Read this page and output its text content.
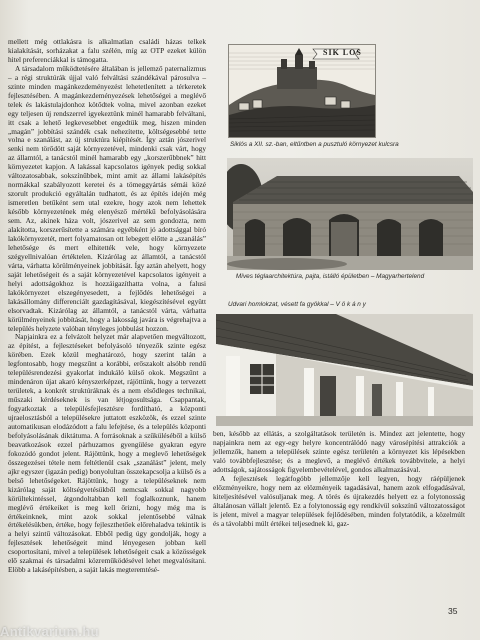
mellett még ottlakásra is alkalmatlan családi házas telkek kialakítását, sorházakat a falu szélén, míg az OTP ezeket külön hitel preferenciákkal is támogatta.

A társadalom működtetésére általában is jellemző paternalizmus – a régi struktúrák újjal való felváltási szándékával párosulva – szinte minden magánkezdeményezést lehetetlenített a térkeretek fejlesztésében. A magánkezdeményezések lehetőségei a meglévő telek és lakástulajdonhoz kötődtek volna, mivel azonban ezeket egy teljesen új rendszerrel igyekeztünk minél hamarabb felváltani, itt csak a lehető legkevesebbet engedtük meg, hiszen minden „magán” jobbítási szándék csak nehezítette, költségesebbé tette volna e szanálást, az új struktúra kiépítését. Így aztán jószerivel senki nem törődött saját környezetével, mindenki csak várt, hogy az államtól, a tanácstól minél hamarabb egy „korszerűbbnek” hitt környezetet kapjon. A lakással kapcsolatos igények pedig sokkal változatosabbak, sokszínűbbek, mint amit az állami lakásépítés normákkal szabályozott keretei és a tömeggyártás sémái közé szorult produkció egyáltalán tudhatott, és az építés idején még ismeretlen betűként sem utal ezekre, hogy azok nem lehettek később környezetének még elenyésző mértékű befolyásolására sem. Az, akinek háza volt, jószerivel az sem gondozta, nem alakította, korszerűsítette a számára egyébként jó adottsággal bíró lakókörnyezetét, mert folyamatosan ott lebegett előtte a „szanálás” lehetősége és mert elhitették vele, hogy környezete szégyellnivalóan értéktelen. Kizárólag az államtól, a tanácstól várta, várhatta körülményeinek jobbítását. Így aztán ahelyett, hogy saját lehetőségeit és a saját környezetével kapcsolatos igényeit a helyi adottságokhoz is hozzáigazíthatta volna, a falusi lakókörnyezet elszegényesedett, a fejlődés lehetőségei a lakásállomány differenciált gazdagításával, kiegészítésével együtt elsorvadtak. Kizárólag az államtól, a tanácstól várta, várhatta körülményeinek jobbítását, hogy a lakosság javára is végrehajtva a település helyzete valóban tényleges jobbulást hozzon.

Napjainkra ez a felvázolt helyzet már alapvetően megváltozott, az építést, a fejlesztéseket befolyásoló tényezők szinte egész körében. Ezek közül meghatározó, hogy szerint talán a legfontosabb, hogy megszűnt a korábbi, erőszakolt alsóbb rendű településrendezési gyakorlat indukáló külső okok. Megszűnt a mindenáron újat akaró kényszerképzet, rájöttünk, hogy a tervezett területek, a konkrét struktúráknak és a nem elsődleges technikai, műszaki kérdéseknek is van létjogosultsága. Csappantak, fogyatkoztak a településfejlesztésre fordítható, a központi ujraelosztásból a településekre juttatott eszközök, és ezzel szinte automatikusan elodázódott a falu lefejtése, és a település központi befolyásolásának diktátuma. A forrásoknak a szűküléséből a külső beavatkozások ezzel párhuzamos gyengülése gyakran egyre fokozódó gondot jelent. Rájöttünk, hogy a meglevő lehetőségek összegezései tétele nem feltétlenül csak „szanálást” jelent, mely ajkr egyszer (igazán pedig) bonyolultan összekapcsolja a külső és a belső lehetőségeket. Rájöttünk, hogy a településeknek nem kizárólag saját költségvetésükből nemcsak sokkal nagyobb körültekintéssel, átgondoltabban kell foglalkoznunk, hanem meglévő értékeiket is meg kell őrizni, hogy még ma is értékeinknek, mint azok sokkal jelentősebbé válnak értékelésükben, értéke, hogy fejleszthetőek előrehaladva tekintik is a helyi szintű változásokat. Ebből pedig úgy gondolják, hogy a fejlesztések lehetőségeit mind lényegesen jobban kell csoportosítani, mivel a települések lehetőségeit csak a közösségek elő szakmai és társadalmi közreműködésével lehet megvalósítani. Elöbb a lakásépítésben, a saját lakás megteremtésé-

SIK LOS
Siklós a XII. sz.-ban, eltűntben a pusztuló környezet kulcsra
Míves téglaarchitektúra, pajta, istálló épületben – Magyarhertelend
Udvari homlokzat, vésett fa gyökkal – V ö k á n y

ben, később az ellátás, a szolgáltatások területén is. Mindez azt jelentette, hogy napjainkra nem az egy-egy helyre koncentrálódó nagy városépítési attrakciók a jellemzők, hanem a települések szinte egész területén a környezet kis lépésekben való továbbfejlesztése; és a meglevő, a meglévő értékek továbbvitele, a helyi adottságok, sajátosságok figyelembevételével, gondos alkalmazásával.

A fejlesztések legátfogóbb jellemzője kell legyen, hogy ráépüljenek előzményeikre, hogy nem az elözményeik tagadásával, hanem azok elfogadásával, kiteljesítésével valósuljanak meg. A törés és újrakezdés helyett ez a folytonosság általánosan vállalt jelentő. Ez a folytonosság egy rendkívül sokszínű változatosságot is jelent, mivel a magyar települések fejlődésében, minden folytatódik, a közelmúlt és a távolabbi múlt értékei teljesednek ki, gaz-

35
Antikvarium.hu
